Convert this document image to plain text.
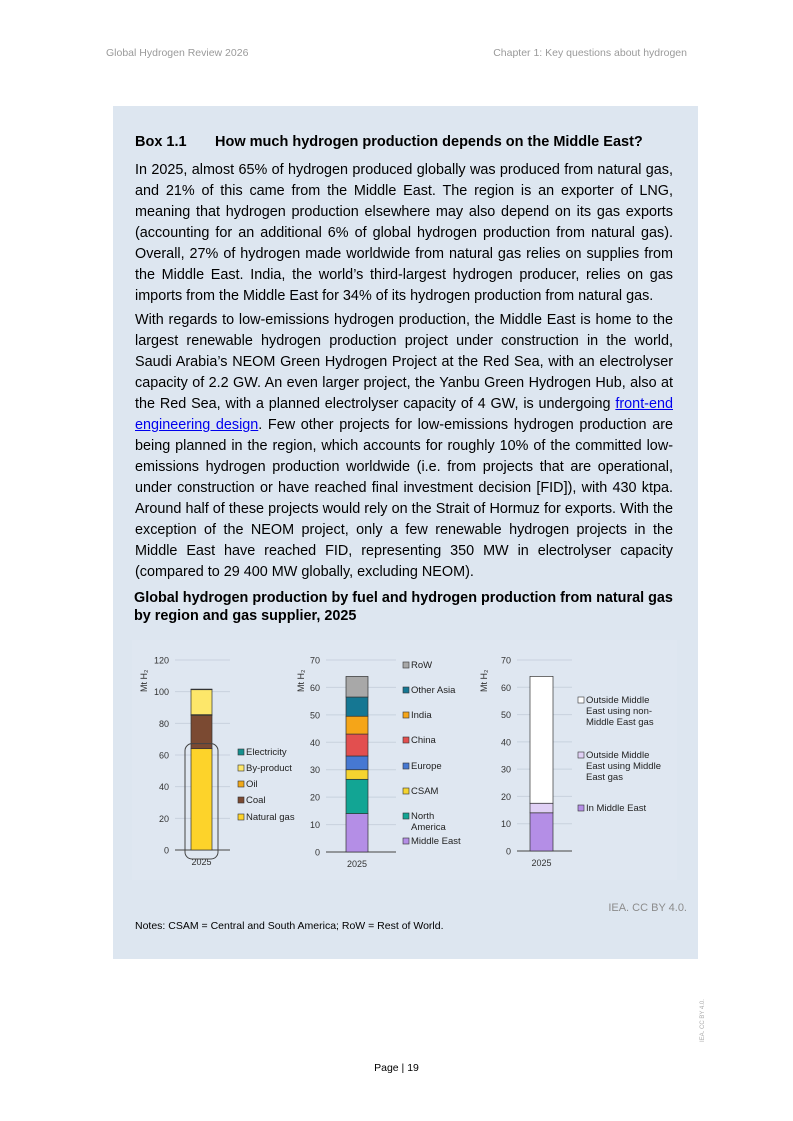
Global Hydrogen Review 2026	Chapter 1: Key questions about hydrogen
Box 1.1 How much hydrogen production depends on the Middle East?

In 2025, almost 65% of hydrogen produced globally was produced from natural gas, and 21% of this came from the Middle East. The region is an exporter of LNG, meaning that hydrogen production elsewhere may also depend on its gas exports (accounting for an additional 6% of global hydrogen production from natural gas). Overall, 27% of hydrogen made worldwide from natural gas relies on supplies from the Middle East. India, the world’s third-largest hydrogen producer, relies on gas imports from the Middle East for 34% of its hydrogen production from natural gas.

With regards to low-emissions hydrogen production, the Middle East is home to the largest renewable hydrogen production project under construction in the world, Saudi Arabia’s NEOM Green Hydrogen Project at the Red Sea, with an electrolyser capacity of 2.2 GW. An even larger project, the Yanbu Green Hydrogen Hub, also at the Red Sea, with a planned electrolyser capacity of 4 GW, is undergoing front-end engineering design. Few other projects for low-emissions hydrogen production are being planned in the region, which accounts for roughly 10% of the committed low-emissions hydrogen production worldwide (i.e. from projects that are operational, under construction or have reached final investment decision [FID]), with 430 ktpa. Around half of these projects would rely on the Strait of Hormuz for exports. With the exception of the NEOM project, only a few renewable hydrogen projects in the Middle East have reached FID, representing 350 MW in electrolyser capacity (compared to 29 400 MW globally, excluding NEOM).

Global hydrogen production by fuel and hydrogen production from natural gas by region and gas supplier, 2025
0
20
40
60
80
100
120
Mt H₂
2025
Electricity
By-product
Oil
Coal
Natural gas
0
10
20
30
40
50
60
70
Mt H₂
2025
RoW
Other Asia
India
China
Europe
CSAM
North
America
Middle East
0
10
20
30
40
50
60
70
Mt H₂
2025
Outside Middle
East using non-
Middle East gas
Outside Middle
East using Middle
East gas
In Middle East
IEA. CC BY 4.0.
Notes: CSAM = Central and South America; RoW = Rest of World.
Page | 19
IEA. CC BY 4.0.
